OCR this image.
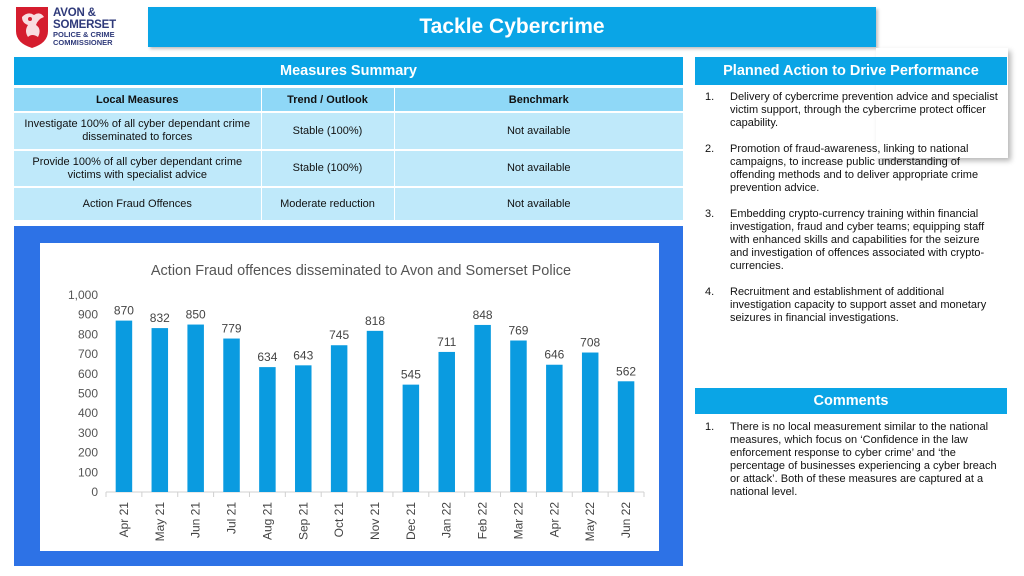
AVON &
SOMERSET
POLICE & CRIME
COMMISSIONER
Tackle Cybercrime
Measures Summary
Local Measures	Trend / Outlook	Benchmark
Investigate 100% of all cyber dependant crime disseminated to forces	Stable (100%)	Not available
Provide 100% of all cyber dependant crime victims with specialist advice	Stable (100%)	Not available
Action Fraud Offences	Moderate reduction	Not available
Action Fraud offences disseminated to Avon and Somerset Police
0
100
200
300
400
500
600
700
800
900
1,000
870
Apr 21
832
May 21
850
Jun 21
779
Jul 21
634
Aug 21
643
Sep 21
745
Oct 21
818
Nov 21
545
Dec 21
711
Jan 22
848
Feb 22
769
Mar 22
646
Apr 22
708
May 22
562
Jun 22
Planned Action to Drive Performance
1. Delivery of cybercrime prevention advice and specialist victim support, through the cybercrime protect officer capability.
2. Promotion of fraud-awareness, linking to national campaigns, to increase public understanding of offending methods and to deliver appropriate crime prevention advice.
3. Embedding crypto-currency training within financial investigation, fraud and cyber teams; equipping staff with enhanced skills and capabilities for the seizure and investigation of offences associated with crypto-currencies.
4. Recruitment and establishment of additional investigation capacity to support asset and monetary seizures in financial investigations.
Comments
1. There is no local measurement similar to the national measures, which focus on ‘Confidence in the law enforcement response to cyber crime’ and ‘the percentage of businesses experiencing a cyber breach or attack’. Both of these measures are captured at a national level.
